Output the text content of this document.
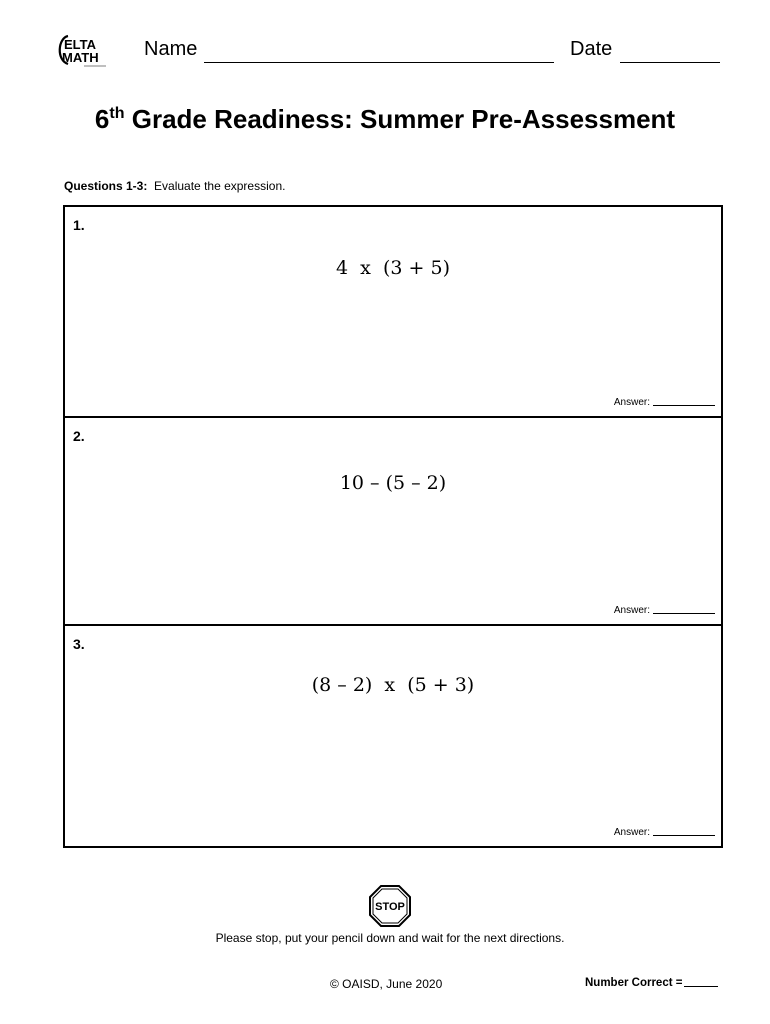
ELTA
MATH Name	Date
6th Grade Readiness: Summer Pre-Assessment
Questions 1-3: Evaluate the expression.
1.
4  x  (3 + 5)
Answer:
2.
10 – (5 – 2)
Answer:
3.
(8 – 2)  x  (5 + 3)
Answer:
STOP
Please stop, put your pencil down and wait for the next directions.
© OAISD, June 2020	Number Correct =
